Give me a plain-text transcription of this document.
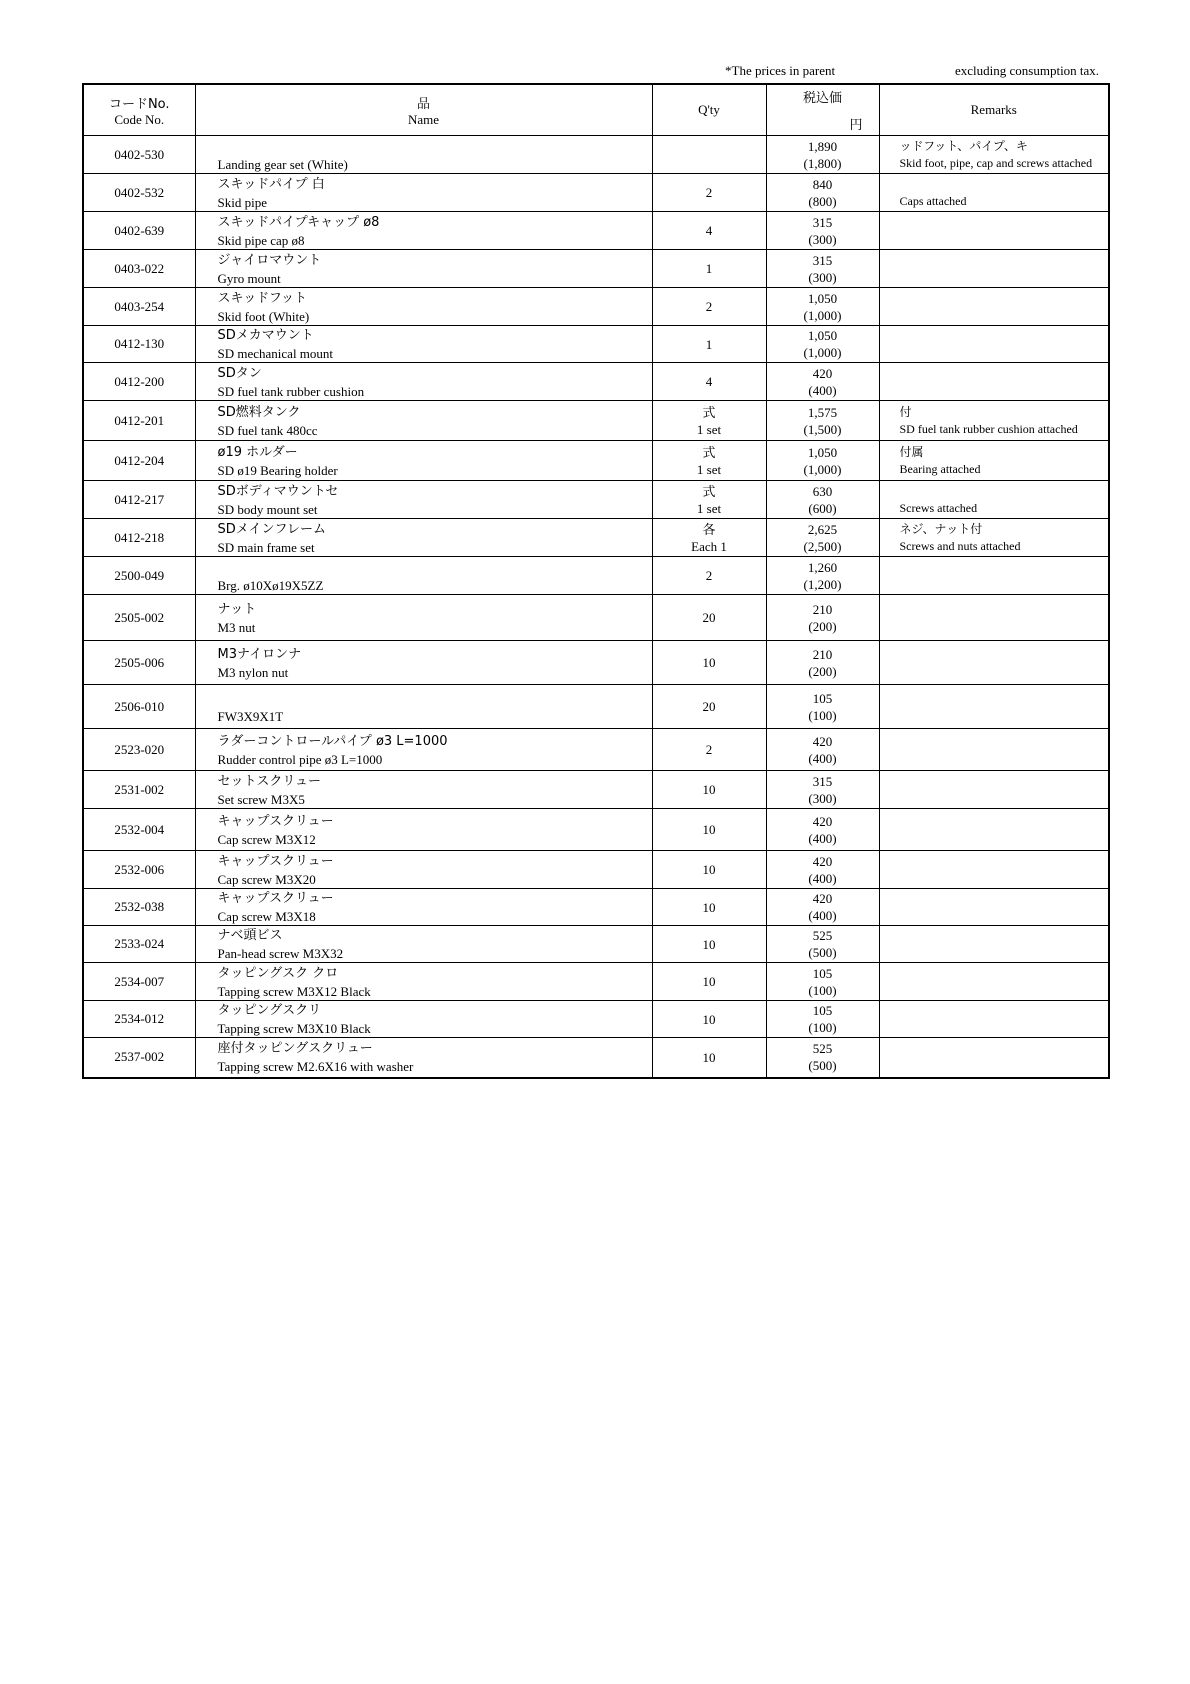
*The prices in parent	excluding consumption tax.
コードNo.
Code No.	品
Name	Q'ty	税込価
円	Remarks
0402-530	Landing gear set (White)		1,890
(1,800)	ッドフット、パイプ、キ
Skid foot, pipe, cap and screws attached

0402-532	スキッドパイプ 白
Skid pipe	2	840
(800)	Caps attached

0402-639	スキッドパイプキャップ ø8
Skid pipe cap ø8	4	315
(300)	

0403-022	ジャイロマウント
Gyro mount	1	315
(300)	

0403-254	スキッドフット
Skid foot (White)	2	1,050
(1,000)	

0412-130	SDメカマウント
SD mechanical mount	1	1,050
(1,000)	

0412-200	SDタン
SD fuel tank rubber cushion	4	420
(400)	

0412-201	SD燃料タンク
SD fuel tank 480cc	式
1 set	1,575
(1,500)	付
SD fuel tank rubber cushion attached

0412-204	ø19 ホルダー
SD ø19 Bearing holder	式
1 set	1,050
(1,000)	付属
Bearing attached

0412-217	SDボディマウントセ
SD body mount set	式
1 set	630
(600)	Screws attached

0412-218	SDメインフレーム
SD main frame set	各
Each 1	2,625
(2,500)	ネジ、ナット付
Screws and nuts attached

2500-049	Brg. ø10Xø19X5ZZ	2	1,260
(1,200)	

2505-002	ナット
M3 nut	20	210
(200)	

2505-006	M3ナイロンナ
M3 nylon nut	10	210
(200)	

2506-010	FW3X9X1T	20	105
(100)	

2523-020	ラダーコントロールパイプ ø3 L=1000
Rudder control pipe ø3 L=1000	2	420
(400)	

2531-002	セットスクリュー
Set screw M3X5	10	315
(300)	

2532-004	キャップスクリュー
Cap screw M3X12	10	420
(400)	

2532-006	キャップスクリュー
Cap screw M3X20	10	420
(400)	

2532-038	キャップスクリュー
Cap screw M3X18	10	420
(400)	

2533-024	ナベ頭ビス
Pan-head screw M3X32	10	525
(500)	

2534-007	タッピングスク クロ
Tapping screw M3X12 Black	10	105
(100)	

2534-012	タッピングスクリ
Tapping screw M3X10 Black	10	105
(100)	

2537-002	座付タッピングスクリュー
Tapping screw M2.6X16 with washer	10	525
(500)	
